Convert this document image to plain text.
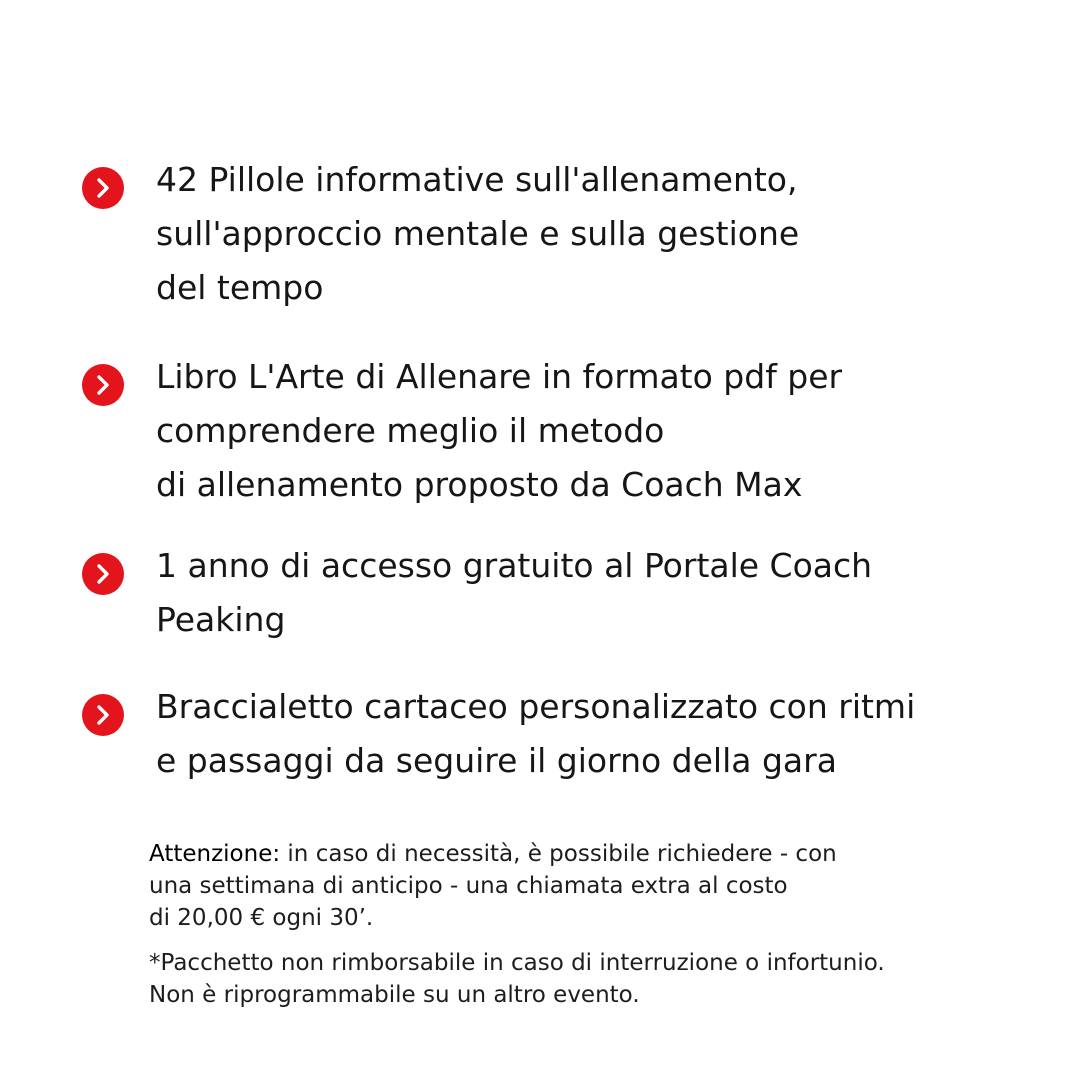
42 Pillole informative sull'allenamento,
sull'approccio mentale e sulla gestione
del tempo
Libro L'Arte di Allenare in formato pdf per
comprendere meglio il metodo
di allenamento proposto da Coach Max
1 anno di accesso gratuito al Portale Coach
Peaking
Braccialetto cartaceo personalizzato con ritmi
e passaggi da seguire il giorno della gara
Attenzione: in caso di necessità, è possibile richiedere - con
una settimana di anticipo - una chiamata extra al costo
di 20,00 € ogni 30’.
*Pacchetto non rimborsabile in caso di interruzione o infortunio.
Non è riprogrammabile su un altro evento.
